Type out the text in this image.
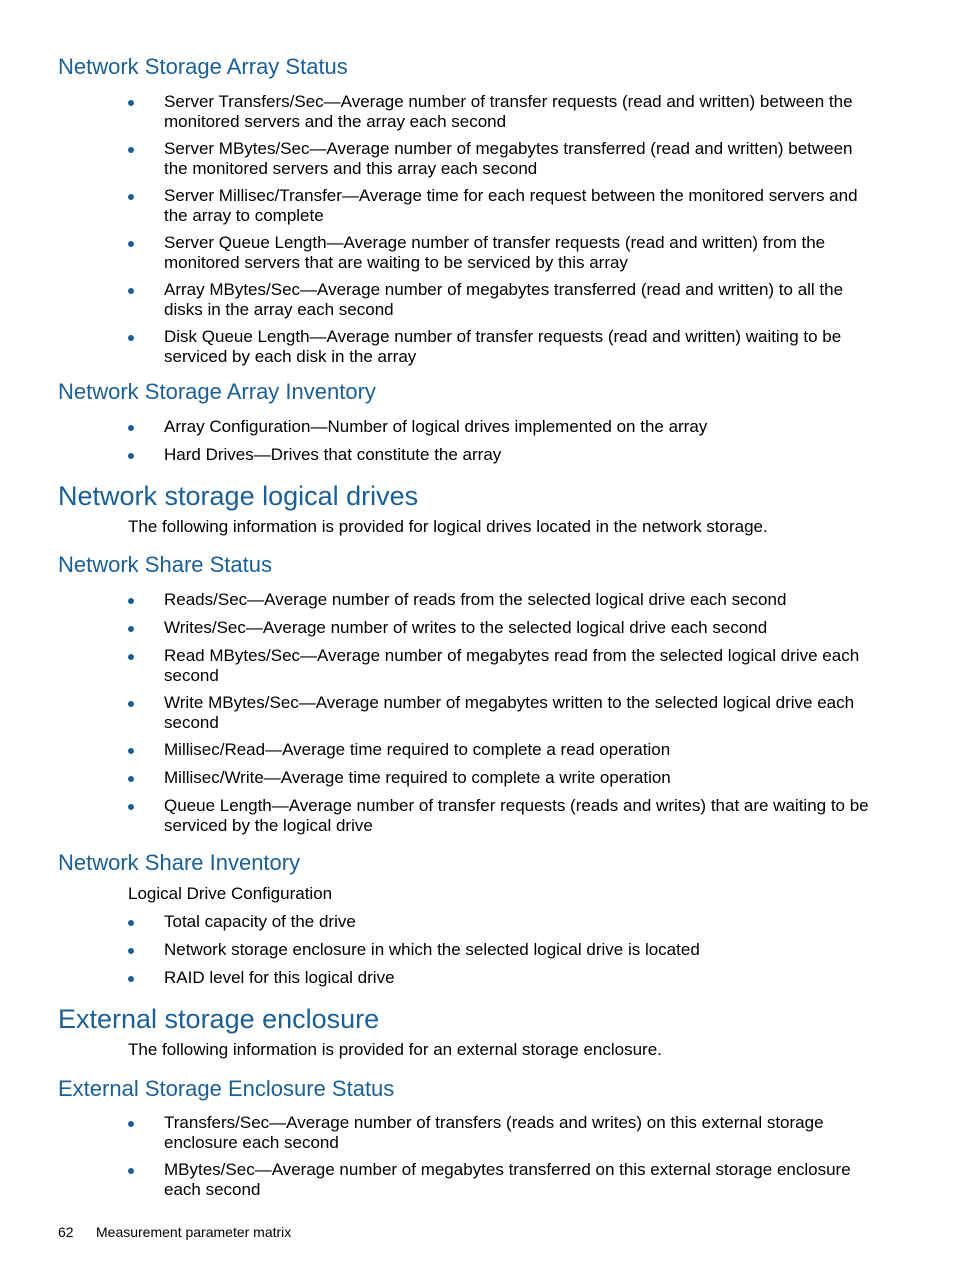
Network Storage Array Status
Server Transfers/Sec—Average number of transfer requests (read and written) between the monitored servers and the array each second
Server MBytes/Sec—Average number of megabytes transferred (read and written) between the monitored servers and this array each second
Server Millisec/Transfer—Average time for each request between the monitored servers and the array to complete
Server Queue Length—Average number of transfer requests (read and written) from the monitored servers that are waiting to be serviced by this array
Array MBytes/Sec—Average number of megabytes transferred (read and written) to all the disks in the array each second
Disk Queue Length—Average number of transfer requests (read and written) waiting to be serviced by each disk in the array
Network Storage Array Inventory
Array Configuration—Number of logical drives implemented on the array
Hard Drives—Drives that constitute the array
Network storage logical drives

The following information is provided for logical drives located in the network storage.

Network Share Status
Reads/Sec—Average number of reads from the selected logical drive each second
Writes/Sec—Average number of writes to the selected logical drive each second
Read MBytes/Sec—Average number of megabytes read from the selected logical drive each second
Write MBytes/Sec—Average number of megabytes written to the selected logical drive each second
Millisec/Read—Average time required to complete a read operation
Millisec/Write—Average time required to complete a write operation
Queue Length—Average number of transfer requests (reads and writes) that are waiting to be serviced by the logical drive
Network Share Inventory

Logical Drive Configuration

Total capacity of the drive
Network storage enclosure in which the selected logical drive is located
RAID level for this logical drive
External storage enclosure

The following information is provided for an external storage enclosure.

External Storage Enclosure Status
Transfers/Sec—Average number of transfers (reads and writes) on this external storage enclosure each second
MBytes/Sec—Average number of megabytes transferred on this external storage enclosure each second
62 Measurement parameter matrix
